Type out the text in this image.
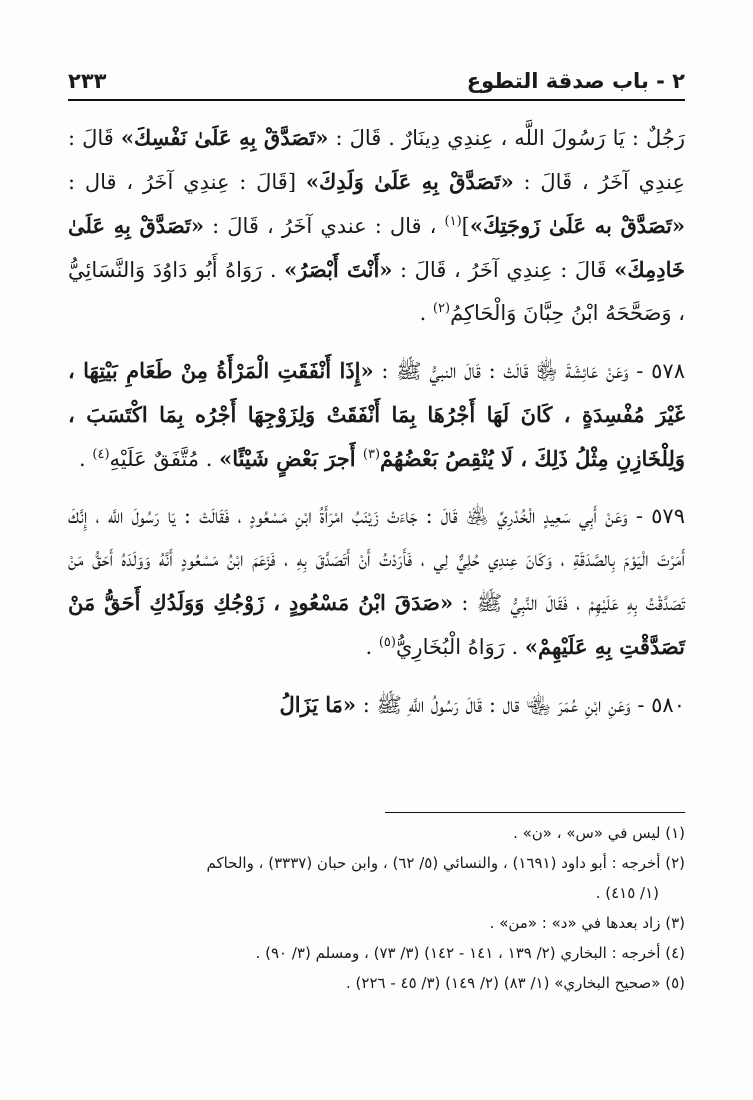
٢ - باب صدقة التطوع
٢٣٣

رَجُلٌ : يَا رَسُولَ اللَّه ، عِندِي دِينَارٌ . قَالَ : «تَصَدَّقْ بِهِ عَلَىٰ نَفْسِكَ» قَالَ : عِندِي آخَرُ ، قَالَ : «تَصَدَّقْ بِهِ عَلَىٰ وَلَدِكَ» [قَالَ : عِندِي آخَرُ ، قال : «تَصَدَّقْ به عَلَىٰ زَوجَتِكَ»]$^{(١)}$ ، قال : عندي آخَرُ ، قَالَ : «تَصَدَّقْ بِهِ عَلَىٰ خَادِمِكَ» قَالَ : عِندِي آخَرُ ، قَالَ : «أَنْتَ أَبْصَرُ» . رَوَاهُ أَبُو دَاوُدَ وَالنَّسَائِيُّ ، وَصَحَّحَهُ ابْنُ حِبَّانَ وَالْحَاكِمُ$^{(٢)}$ .

٥٧٨ - وَعَنْ عَائِشَةَ ﵂ قَالَتْ : قَالَ النبيُّ ﷺ : «إِذَا أَنْفَقَتِ الْمَرْأَةُ مِنْ طَعَامِ بَيْتِهَا ، غَيْرَ مُفْسِدَةٍ ، كَانَ لَهَا أَجْرُهَا بِمَا أَنْفَقَتْ وَلِزَوْجِهَا أَجْرُه بِمَا اكْتَسَبَ ، وَلِلْخَازِنِ مِثْلُ ذَلِكَ ، لَا يُنْقِصُ بَعْضُهُمْ$^{(٣)}$ أَجرَ بَعْضٍ شَيْئًا» . مُتَّفَقٌ عَلَيْهِ$^{(٤)}$ .

٥٧٩ - وَعَنْ أَبِي سَعِيدٍ الْخُدْرِيِّ ﵁ قَالَ : جَاءَتْ زَيْنَبُ امْرَأَةُ ابْنِ مَسْعُودٍ ، فَقَالَتْ : يَا رَسُولَ اللَّه ، إِنَّكَ أَمَرْتَ الْيَوْمَ بِالصَّدَقَةِ ، وَكَانَ عِندِي حُلِيٌّ لِي ، فَأَرَدْتُ أَنْ أَتَصَدَّقَ بِهِ ، فَزَعَمَ ابْنُ مَسْعُودٍ أَنَّهُ وَوَلَدَهُ أَحَقُّ مَنْ تَصَدَّقْتُ بِهِ عَلَيْهِمْ ، فَقَالَ النَّبِيُّ ﷺ : «صَدَقَ ابْنُ مَسْعُودٍ ، زَوْجُكِ وَوَلَدُكِ أَحَقُّ مَنْ تَصَدَّقْتِ بِهِ عَلَيْهِمْ» . رَوَاهُ الْبُخَارِيُّ$^{(٥)}$ .

٥٨٠ - وَعَنِ ابْنِ عُمَرَ ﵄ قال : قَالَ رَسُولُ اللَّهِ ﷺ : «مَا يَزَالُ

(١) ليس في «س» ، «ن» .

(٢) أخرجه : أبو داود (١٦٩١) ، والنسائي (٥/ ٦٢) ، وابن حبان (٣٣٣٧) ، والحاكم

(١/ ٤١٥) .

(٣) زاد بعدها في «د» : «من» .

(٤) أخرجه : البخاري (٢/ ١٣٩ ، ١٤١ - ١٤٢) (٣/ ٧٣) ، ومسلم (٣/ ٩٠) .

(٥) «صحيح البخاري» (١/ ٨٣) (٢/ ١٤٩) (٣/ ٤٥ - ٢٢٦) .
